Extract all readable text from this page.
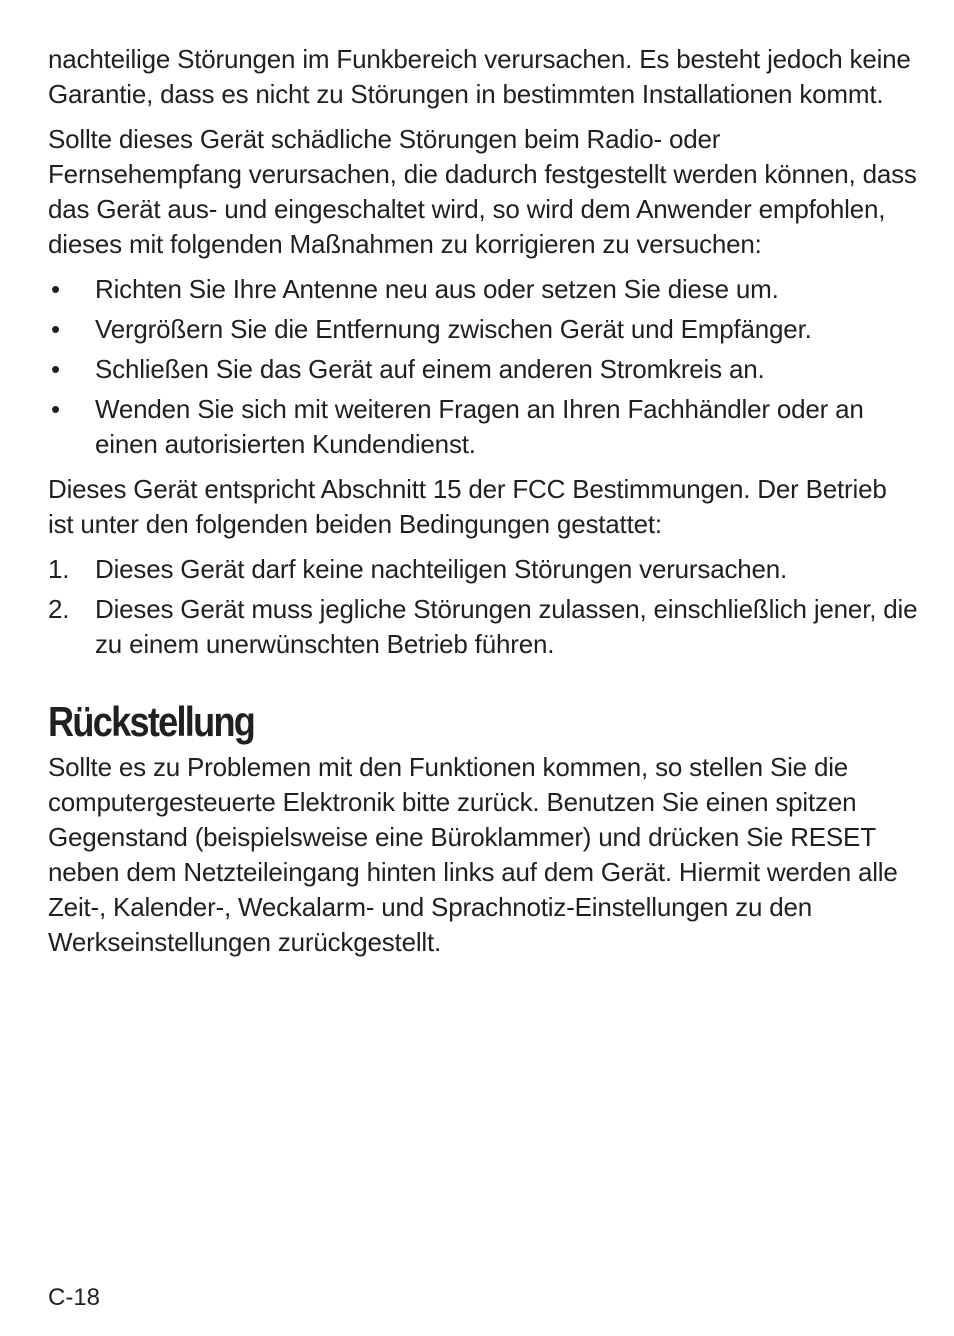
nachteilige Störungen im Funkbereich verursachen. Es besteht jedoch keine Garantie, dass es nicht zu Störungen in bestimmten Installationen kommt.

Sollte dieses Gerät schädliche Störungen beim Radio- oder Fernsehempfang verursachen, die dadurch festgestellt werden können, dass das Gerät aus- und eingeschaltet wird, so wird dem Anwender empfohlen, dieses mit folgenden Maßnahmen zu korrigieren zu versuchen:

•	Richten Sie Ihre Antenne neu aus oder setzen Sie diese um.
•	Vergrößern Sie die Entfernung zwischen Gerät und Empfänger.
•	Schließen Sie das Gerät auf einem anderen Stromkreis an.
•	Wenden Sie sich mit weiteren Fragen an Ihren Fachhändler oder an einen autorisierten Kundendienst.

Dieses Gerät entspricht Abschnitt 15 der FCC Bestimmungen. Der Betrieb ist unter den folgenden beiden Bedingungen gestattet:

1. Dieses Gerät darf keine nachteiligen Störungen verursachen.
2. Dieses Gerät muss jegliche Störungen zulassen, einschließlich jener, die zu einem unerwünschten Betrieb führen.
Rückstellung

Sollte es zu Problemen mit den Funktionen kommen, so stellen Sie die computergesteuerte Elektronik bitte zurück. Benutzen Sie einen spitzen Gegenstand (beispielsweise eine Büroklammer) und drücken Sie RESET neben dem Netzteileingang hinten links auf dem Gerät. Hiermit werden alle Zeit-, Kalender-, Weckalarm- und Sprachnotiz-Einstellungen zu den Werkseinstellungen zurückgestellt.

C-18
